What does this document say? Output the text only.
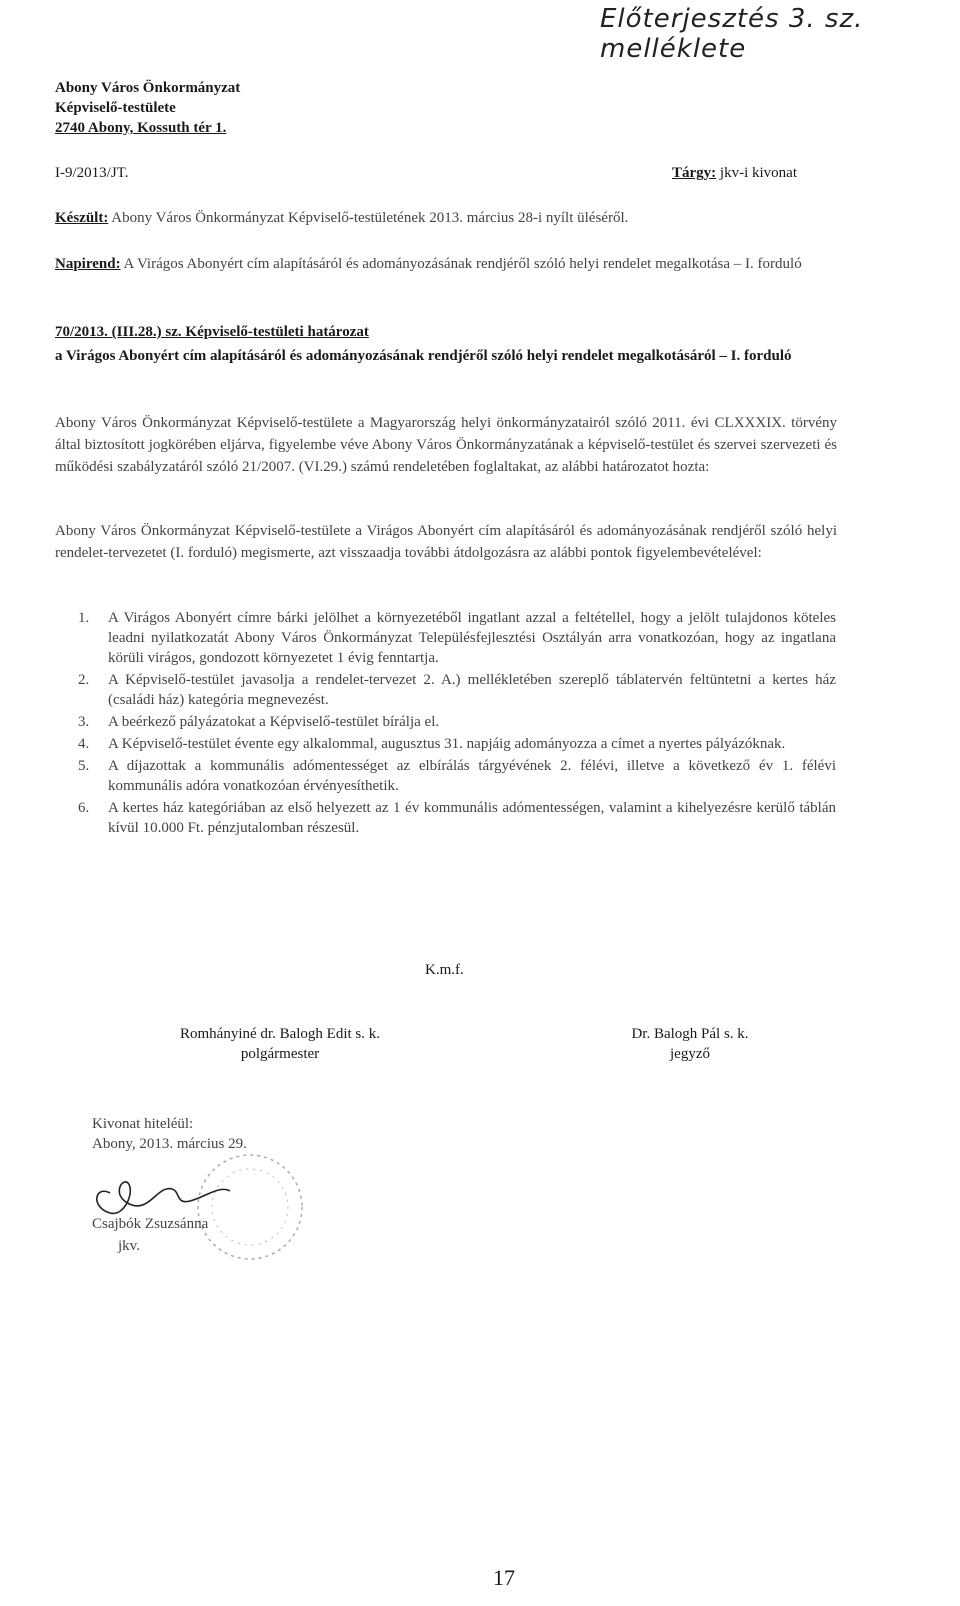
Előterjesztés 3. sz. melléklete
Abony Város Önkormányzat
Képviselő-testülete
2740 Abony, Kossuth tér 1.
I-9/2013/JT.	Tárgy: jkv-i kivonat
Készült: Abony Város Önkormányzat Képviselő-testületének 2013. március 28-i nyílt üléséről.
Napirend: A Virágos Abonyért cím alapításáról és adományozásának rendjéről szóló helyi rendelet megalkotása – I. forduló
70/2013. (III.28.) sz. Képviselő-testületi határozat
a Virágos Abonyért cím alapításáról és adományozásának rendjéről szóló helyi rendelet megalkotásáról – I. forduló
Abony Város Önkormányzat Képviselő-testülete a Magyarország helyi önkormányzatairól szóló 2011. évi CLXXXIX. törvény által biztosított jogkörében eljárva, figyelembe véve Abony Város Önkormányzatának a képviselő-testület és szervei szervezeti és működési szabályzatáról szóló 21/2007. (VI.29.) számú rendeletében foglaltakat, az alábbi határozatot hozta:
Abony Város Önkormányzat Képviselő-testülete a Virágos Abonyért cím alapításáról és adományozásának rendjéről szóló helyi rendelet-tervezetet (I. forduló) megismerte, azt visszaadja további átdolgozásra az alábbi pontok figyelembevételével:
1.	A Virágos Abonyért címre bárki jelölhet a környezetéből ingatlant azzal a feltétellel, hogy a jelölt tulajdonos köteles leadni nyilatkozatát Abony Város Önkormányzat Településfejlesztési Osztályán arra vonatkozóan, hogy az ingatlana körüli virágos, gondozott környezetet 1 évig fenntartja.
2.	A Képviselő-testület javasolja a rendelet-tervezet 2. A.) mellékletében szereplő táblatervén feltüntetni a kertes ház (családi ház) kategória megnevezést.
3.	A beérkező pályázatokat a Képviselő-testület bírálja el.
4.	A Képviselő-testület évente egy alkalommal, augusztus 31. napjáig adományozza a címet a nyertes pályázóknak.
5.	A díjazottak a kommunális adómentességet az elbírálás tárgyévének 2. félévi, illetve a következő év 1. félévi kommunális adóra vonatkozóan érvényesíthetik.
6.	A kertes ház kategóriában az első helyezett az 1 év kommunális adómentességen, valamint a kihelyezésre kerülő táblán kívül 10.000 Ft. pénzjutalomban részesül.
K.m.f.
Romhányiné dr. Balogh Edit s. k.
polgármester
Dr. Balogh Pál s. k.
jegyző
Kivonat hiteléül:
Abony, 2013. március 29.
Csajbók Zsuzsánna
jkv.
17
